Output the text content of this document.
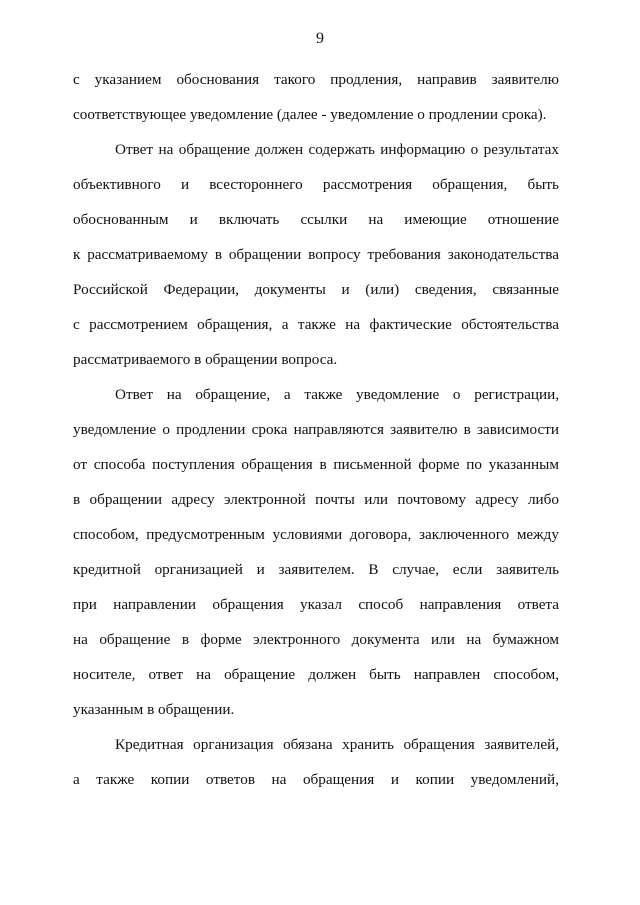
9
с указанием обоснования такого продления, направив заявителю
соответствующее уведомление (далее - уведомление о продлении срока).
Ответ на обращение должен содержать информацию о результатах
объективного и всестороннего рассмотрения обращения, быть
обоснованным и включать ссылки на имеющие отношение
к рассматриваемому в обращении вопросу требования законодательства
Российской Федерации, документы и (или) сведения, связанные
с рассмотрением обращения, а также на фактические обстоятельства
рассматриваемого в обращении вопроса.
Ответ на обращение, а также уведомление о регистрации,
уведомление о продлении срока направляются заявителю в зависимости
от способа поступления обращения в письменной форме по указанным
в обращении адресу электронной почты или почтовому адресу либо
способом, предусмотренным условиями договора, заключенного между
кредитной организацией и заявителем. В случае, если заявитель
при направлении обращения указал способ направления ответа
на обращение в форме электронного документа или на бумажном
носителе, ответ на обращение должен быть направлен способом,
указанным в обращении.
Кредитная организация обязана хранить обращения заявителей,
а также копии ответов на обращения и копии уведомлений,
